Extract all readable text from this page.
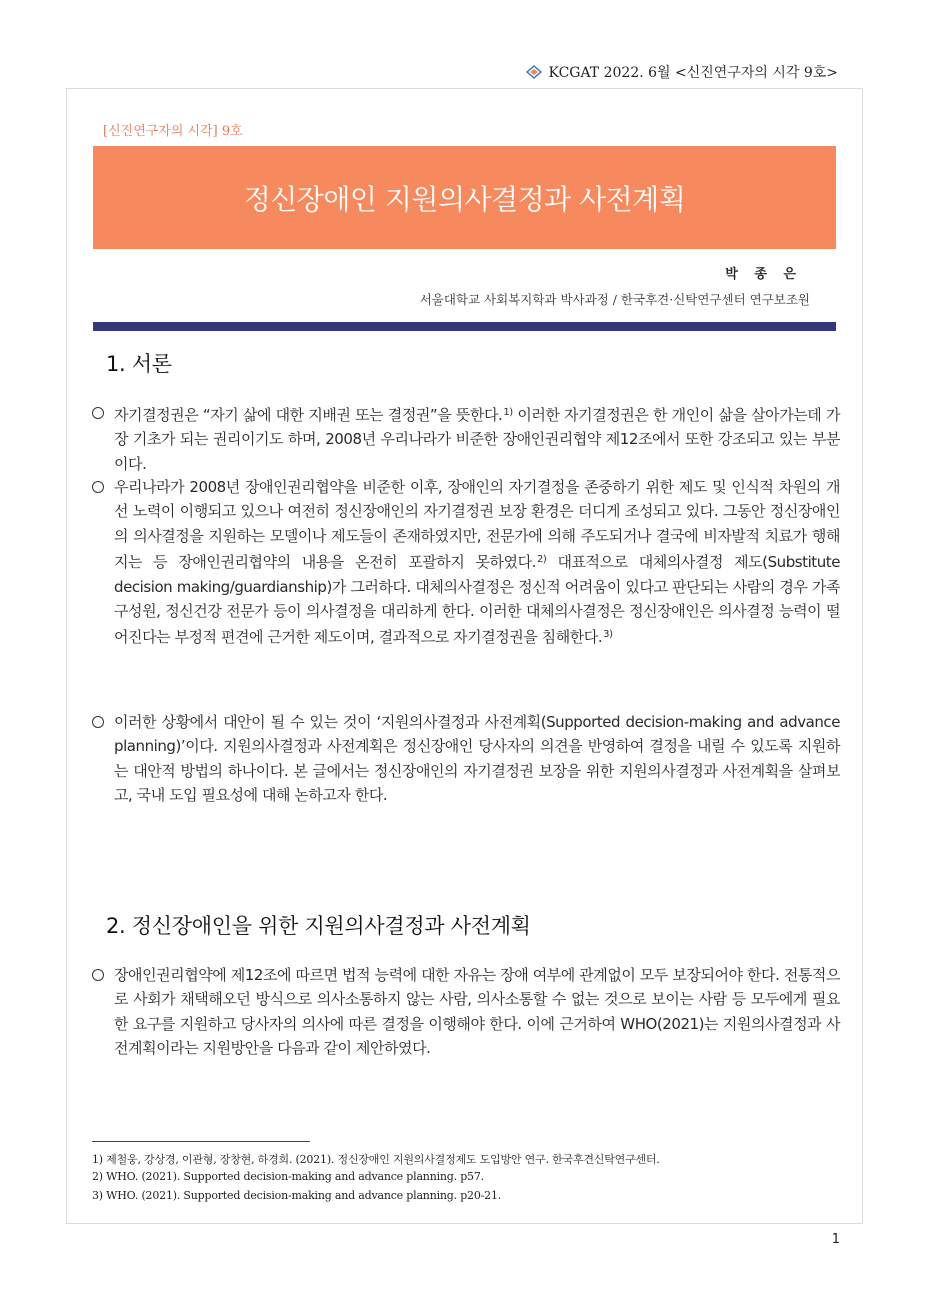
KCGAT 2022. 6월 <신진연구자의 시각 9호>
[신진연구자의 시각] 9호
정신장애인 지원의사결정과 사전계획
박 종 은
서울대학교 사회복지학과 박사과정 / 한국후견·신탁연구센터 연구보조원
1. 서론
자기결정권은 “자기 삶에 대한 지배권 또는 결정권”을 뜻한다.$^{1)}$ 이러한 자기결정권은 한 개인이 삶을 살아가는데 가장 기초가 되는 권리이기도 하며, 2008년 우리나라가 비준한 장애인권리협약 제12조에서 또한 강조되고 있는 부분이다.
우리나라가 2008년 장애인권리협약을 비준한 이후, 장애인의 자기결정을 존중하기 위한 제도 및 인식적 차원의 개선 노력이 이행되고 있으나 여전히 정신장애인의 자기결정권 보장 환경은 더디게 조성되고 있다. 그동안 정신장애인의 의사결정을 지원하는 모델이나 제도들이 존재하였지만, 전문가에 의해 주도되거나 결국에 비자발적 치료가 행해지는 등 장애인권리협약의 내용을 온전히 포괄하지 못하였다.$^{2)}$ 대표적으로 대체의사결정 제도(Substitute decision making/guardianship)가 그러하다. 대체의사결정은 정신적 어려움이 있다고 판단되는 사람의 경우 가족 구성원, 정신건강 전문가 등이 의사결정을 대리하게 한다. 이러한 대체의사결정은 정신장애인은 의사결정 능력이 떨어진다는 부정적 편견에 근거한 제도이며, 결과적으로 자기결정권을 침해한다.$^{3)}$
이러한 상황에서 대안이 될 수 있는 것이 ‘지원의사결정과 사전계획(Supported decision-making and advance planning)’이다. 지원의사결정과 사전계획은 정신장애인 당사자의 의견을 반영하여 결정을 내릴 수 있도록 지원하는 대안적 방법의 하나이다. 본 글에서는 정신장애인의 자기결정권 보장을 위한 지원의사결정과 사전계획을 살펴보고, 국내 도입 필요성에 대해 논하고자 한다.
2. 정신장애인을 위한 지원의사결정과 사전계획
장애인권리협약에 제12조에 따르면 법적 능력에 대한 자유는 장애 여부에 관계없이 모두 보장되어야 한다. 전통적으로 사회가 채택해오던 방식으로 의사소통하지 않는 사람, 의사소통할 수 없는 것으로 보이는 사람 등 모두에게 필요한 요구를 지원하고 당사자의 의사에 따른 결정을 이행해야 한다. 이에 근거하여 WHO(2021)는 지원의사결정과 사전계획이라는 지원방안을 다음과 같이 제안하였다.
1) 제철웅, 강상경, 이관형, 장창현, 하경희. (2021). 정신장애인 지원의사결정제도 도입방안 연구. 한국후견신탁연구센터.
2) WHO. (2021). Supported decision-making and advance planning. p57.
3) WHO. (2021). Supported decision-making and advance planning. p20-21.
1
